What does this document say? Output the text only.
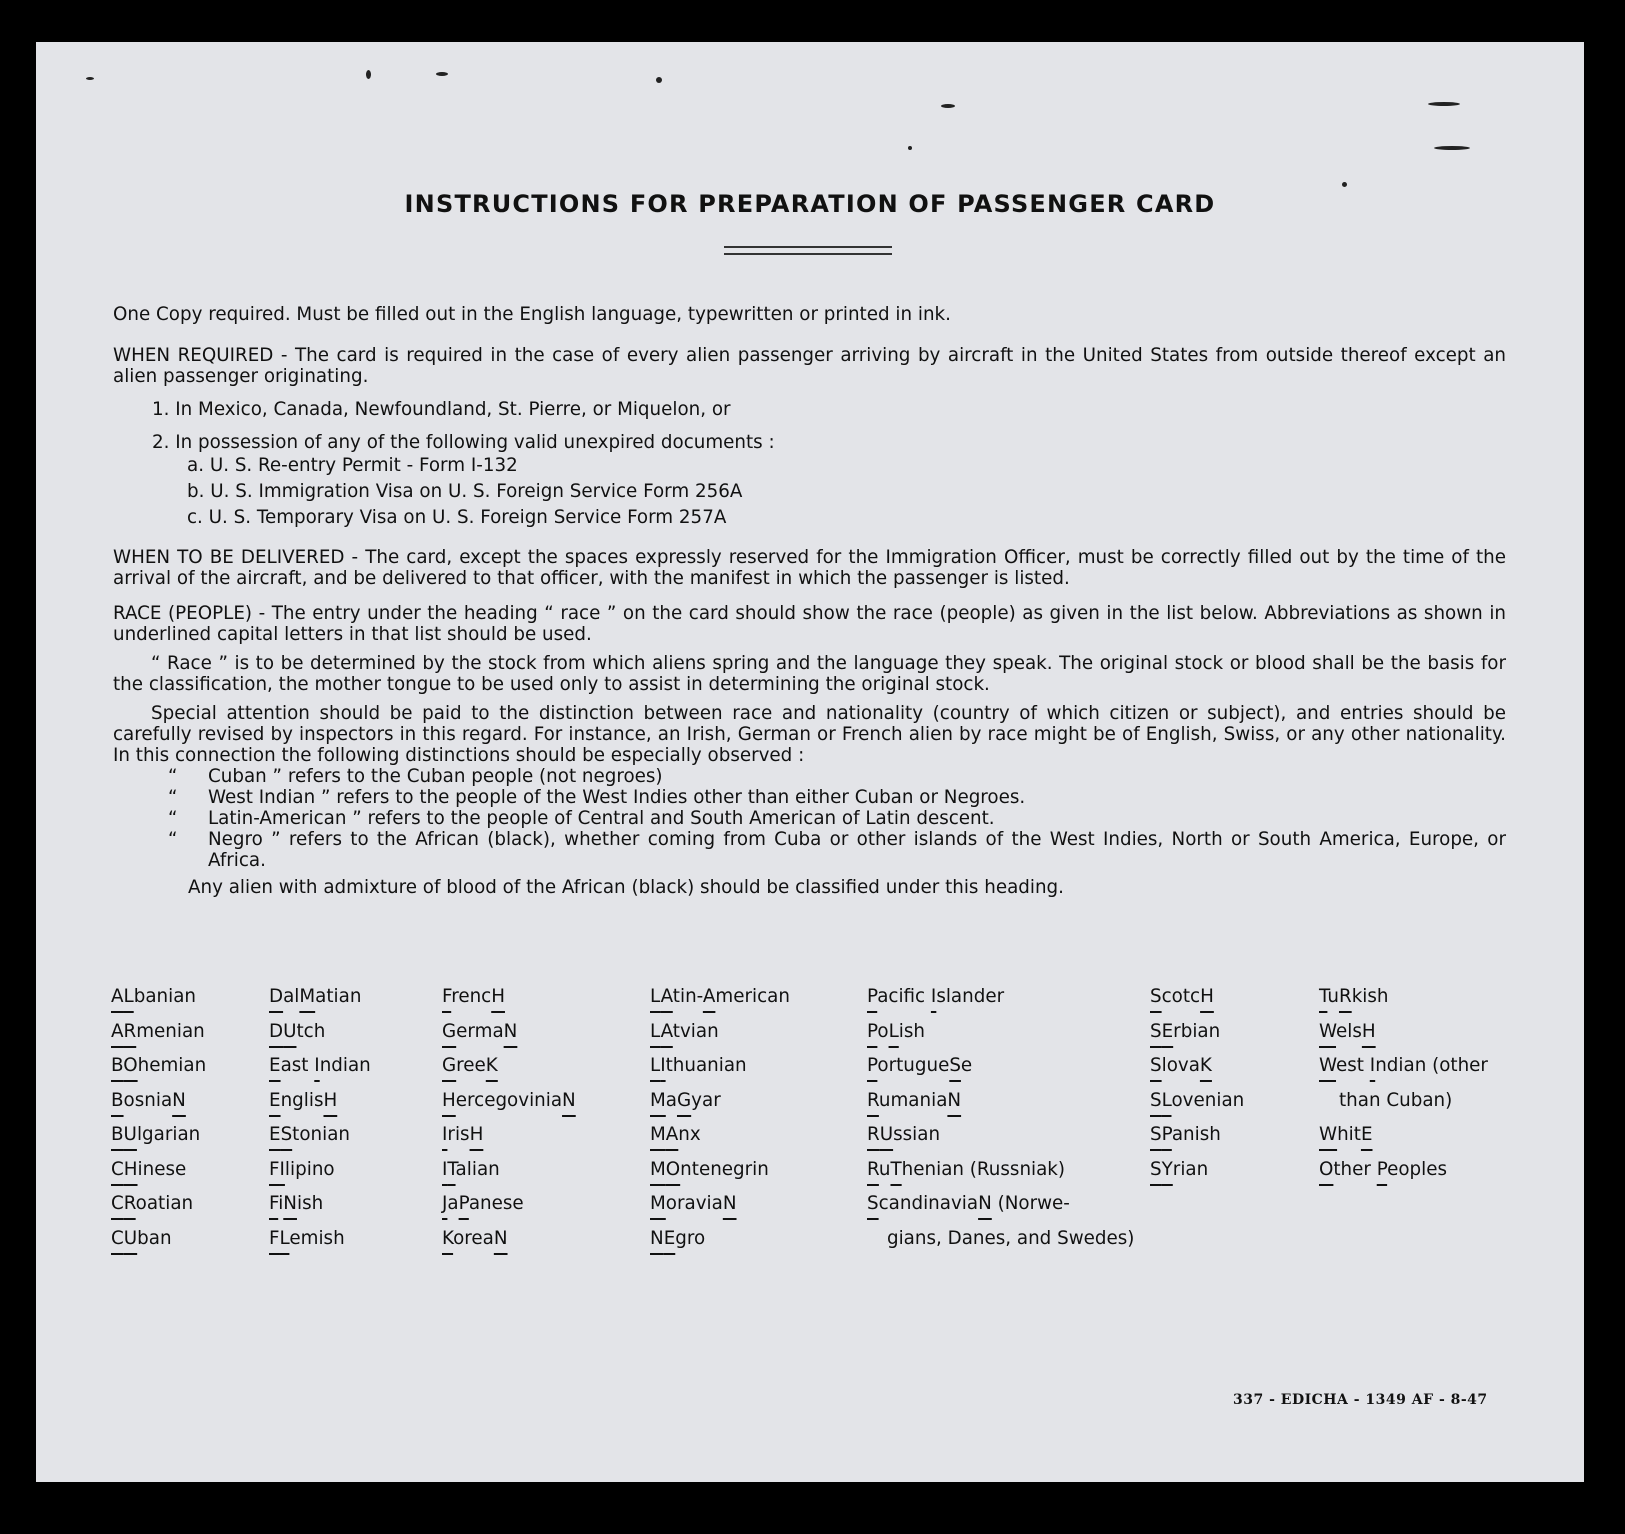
INSTRUCTIONS FOR PREPARATION OF PASSENGER CARD

One Copy required. Must be filled out in the English language, typewritten or printed in ink.

WHEN REQUIRED - The card is required in the case of every alien passenger arriving by aircraft in the United States from outside thereof except an alien passenger originating.

1. In Mexico, Canada, Newfoundland, St. Pierre, or Miquelon, or

2. In possession of any of the following valid unexpired documents :

a. U. S. Re-entry Permit - Form I-132

b. U. S. Immigration Visa on U. S. Foreign Service Form 256A

c. U. S. Temporary Visa on U. S. Foreign Service Form 257A

WHEN TO BE DELIVERED - The card, except the spaces expressly reserved for the Immigration Officer, must be correctly filled out by the time of the arrival of the aircraft, and be delivered to that officer, with the manifest in which the passenger is listed.

RACE (PEOPLE) - The entry under the heading “ race ” on the card should show the race (people) as given in the list below. Abbreviations as shown in underlined capital letters in that list should be used.

“ Race ” is to be determined by the stock from which aliens spring and the language they speak. The original stock or blood shall be the basis for the classification, the mother tongue to be used only to assist in determining the original stock.

Special attention should be paid to the distinction between race and nationality (country of which citizen or subject), and entries should be carefully revised by inspectors in this regard. For instance, an Irish, German or French alien by race might be of English, Swiss, or any other nationality. In this connection the following distinctions should be especially observed :

“ Cuban ” refers to the Cuban people (not negroes)

“ West Indian ” refers to the people of the West Indies other than either Cuban or Negroes.

“ Latin-American ” refers to the people of Central and South American of Latin descent.

“ Negro ” refers to the African (black), whether coming from Cuba or other islands of the West Indies, North or South America, Europe, or Africa.

Any alien with admixture of blood of the African (black) should be classified under this heading.

ALbanian
ARmenian
BOhemian
BosniaN
BUlgarian
CHinese
CRoatian
CUban
DalMatian
DUtch
East Indian
EnglisH
EStonian
FIlipino
FiNish
FLemish
FrencH
GermaN
GreeK
HercegoviniaN
IrisH
ITalian
JaPanese
KoreaN
LAtin-American
LAtvian
LIthuanian
MaGyar
MAnx
MOntenegrin
MoraviaN
NEgro
Pacific Islander
PoLish
PortugueSe
RumaniaN
RUssian
RuThenian (Russniak)
ScandinaviaN (Norwe-
gians, Danes, and Swedes)
ScotcH
SErbian
SlovaK
SLovenian
SPanish
SYrian
TuRkish
WelsH
West Indian (other
than Cuban)
WhitE
Other Peoples
337 - EDICHA - 1349 AF - 8-47
